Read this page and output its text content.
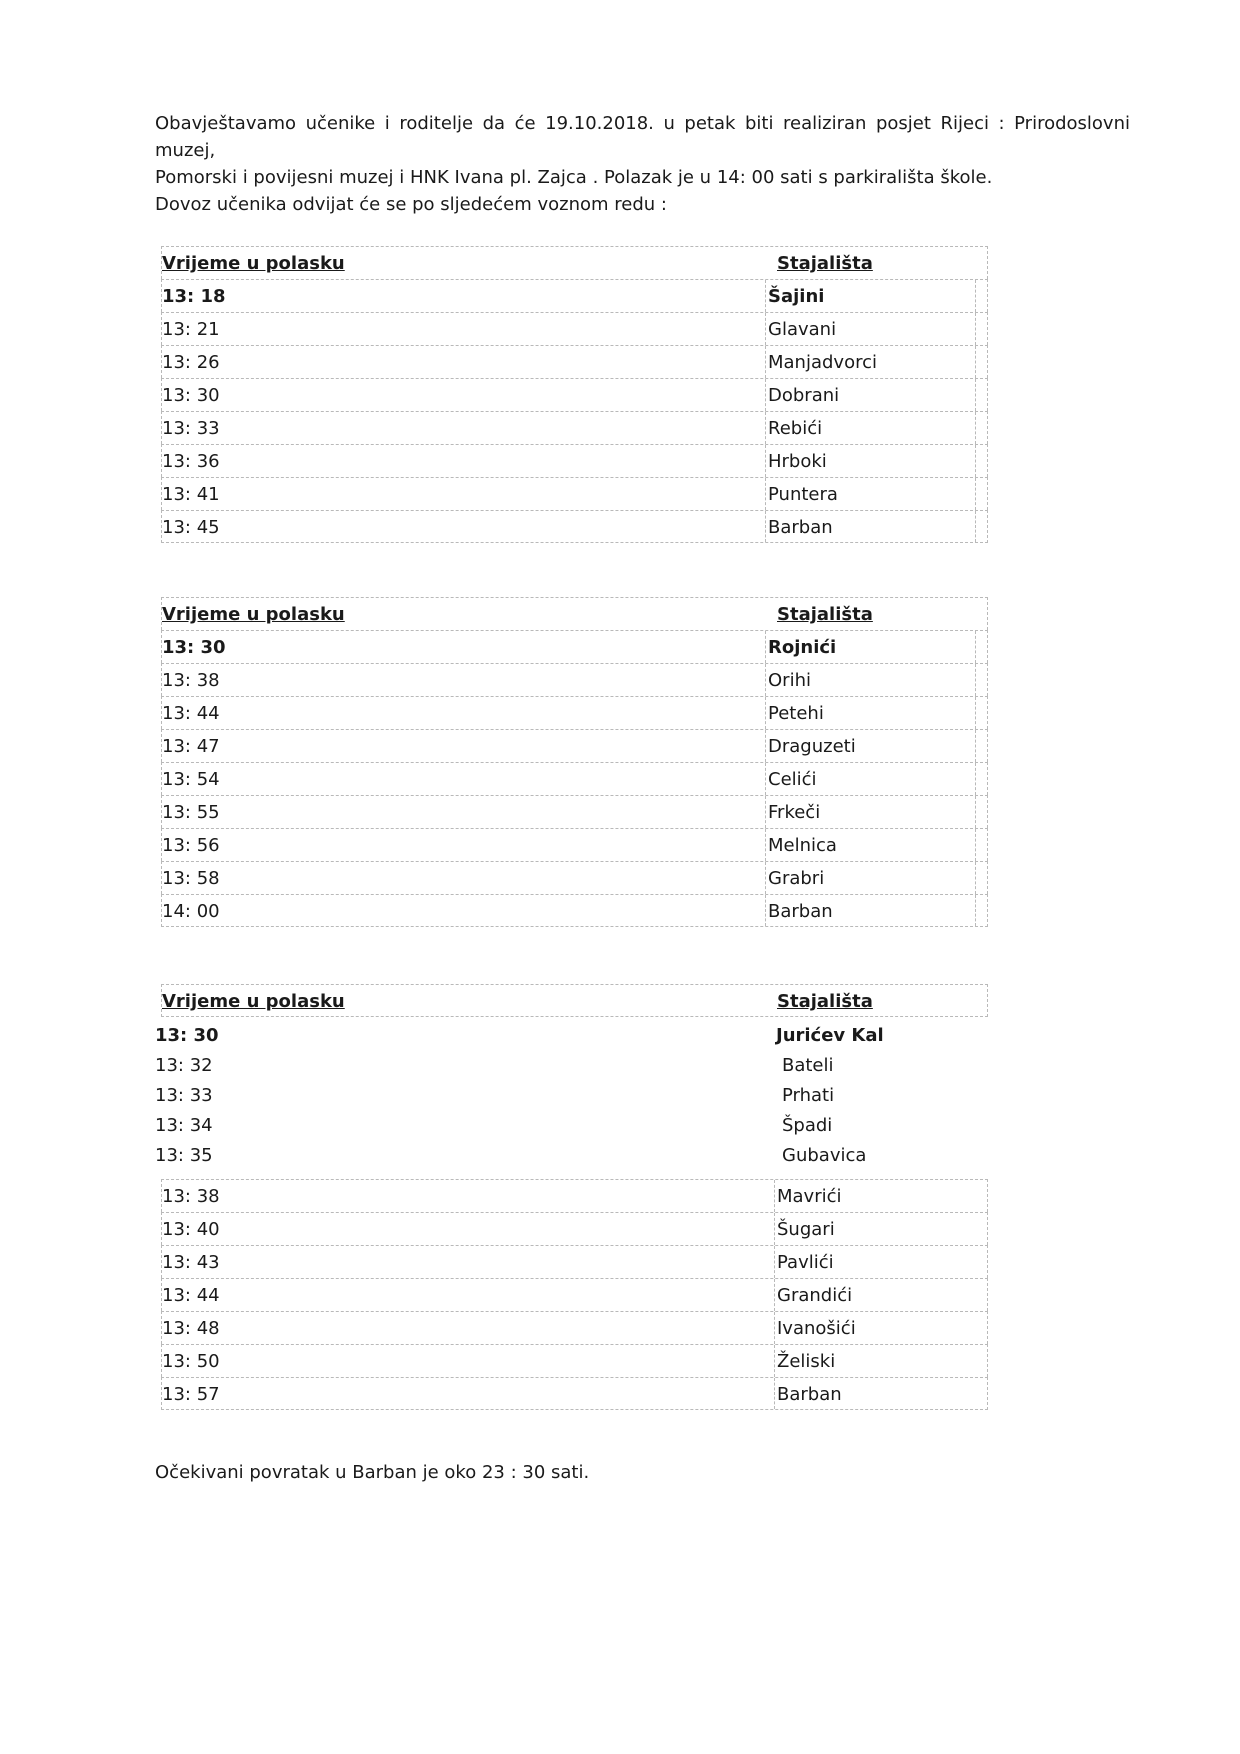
Obavještavamo učenike i roditelje da će 19.10.2018. u petak biti realiziran posjet Rijeci : Prirodoslovni muzej,
Pomorski i povijesni muzej i HNK Ivana pl. Zajca . Polazak je u 14: 00 sati s parkirališta škole.
Dovoz učenika odvijat će se po sljedećem voznom redu :
Vrijeme u polasku	Stajališta
13: 18	Šajini
13: 21	Glavani
13: 26	Manjadvorci
13: 30	Dobrani
13: 33	Rebići
13: 36	Hrboki
13: 41	Puntera
13: 45	Barban
Vrijeme u polasku	Stajališta
13: 30	Rojnići
13: 38	Orihi
13: 44	Petehi
13: 47	Draguzeti
13: 54	Celići
13: 55	Frkeči
13: 56	Melnica
13: 58	Grabri
14: 00	Barban
Vrijeme u polasku	Stajališta
13: 30	Jurićev Kal
13: 32	Bateli
13: 33	Prhati
13: 34	Špadi
13: 35	Gubavica
13: 38	Mavrići
13: 40	Šugari
13: 43	Pavlići
13: 44	Grandići
13: 48	Ivanošići
13: 50	Želiski
13: 57	Barban
Očekivani povratak u Barban je oko 23 : 30 sati.
